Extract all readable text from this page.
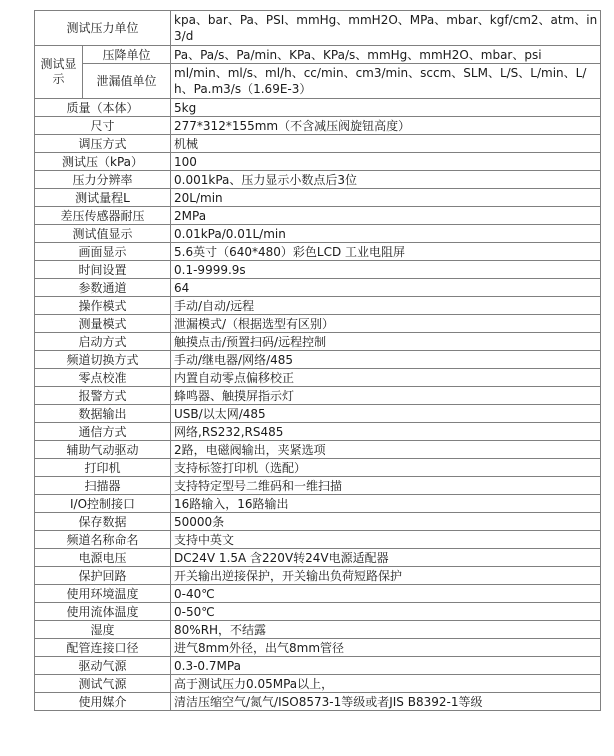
测试压力单位		kpa、bar、Pa、PSI、mmHg、mmH2O、MPa、mbar、kgf/cm2、atm、in3/d
测试显示	压降单位	Pa、Pa/s、Pa/min、KPa、KPa/s、mmHg、mmH2O、mbar、psi
	泄漏值单位	ml/min、ml/s、ml/h、cc/min、cm3/min、sccm、SLM、L/S、L/min、L/h、Pa.m3/s（1.69E-3）
质量（本体）		5kg
尺寸		277*312*155mm（不含减压阀旋钮高度）
调压方式		机械
测试压（kPa）		100
压力分辨率		0.001kPa、压力显示小数点后3位
测试量程L		20L/min
差压传感器耐压		2MPa
测试值显示		0.01kPa/0.01L/min
画面显示		5.6英寸（640*480）彩色LCD 工业电阻屏
时间设置		0.1-9999.9s
参数通道		64
操作模式		手动/自动/远程
测量模式		泄漏模式/（根据选型有区别）
启动方式		触摸点击/预置扫码/远程控制
频道切换方式		手动/继电器/网络/485
零点校准		内置自动零点偏移校正
报警方式		蜂鸣器、触摸屏指示灯
数据输出		USB/以太网/485
通信方式		网络,RS232,RS485
辅助气动驱动		2路，电磁阀输出，夹紧选项
打印机		支持标签打印机（选配）
扫描器		支持特定型号二维码和一维扫描
I/O控制接口		16路输入，16路输出
保存数据		50000条
频道名称命名		支持中英文
电源电压		DC24V 1.5A 含220V转24V电源适配器
保护回路		开关输出逆接保护，开关输出负荷短路保护
使用环境温度		0-40℃
使用流体温度		0-50℃
湿度		80%RH，不结露
配管连接口径		进气8mm外径，出气8mm管径
驱动气源		0.3-0.7MPa
测试气源		高于测试压力0.05MPa以上，
使用媒介		清洁压缩空气/氮气/ISO8573-1等级或者JIS B8392-1等级
